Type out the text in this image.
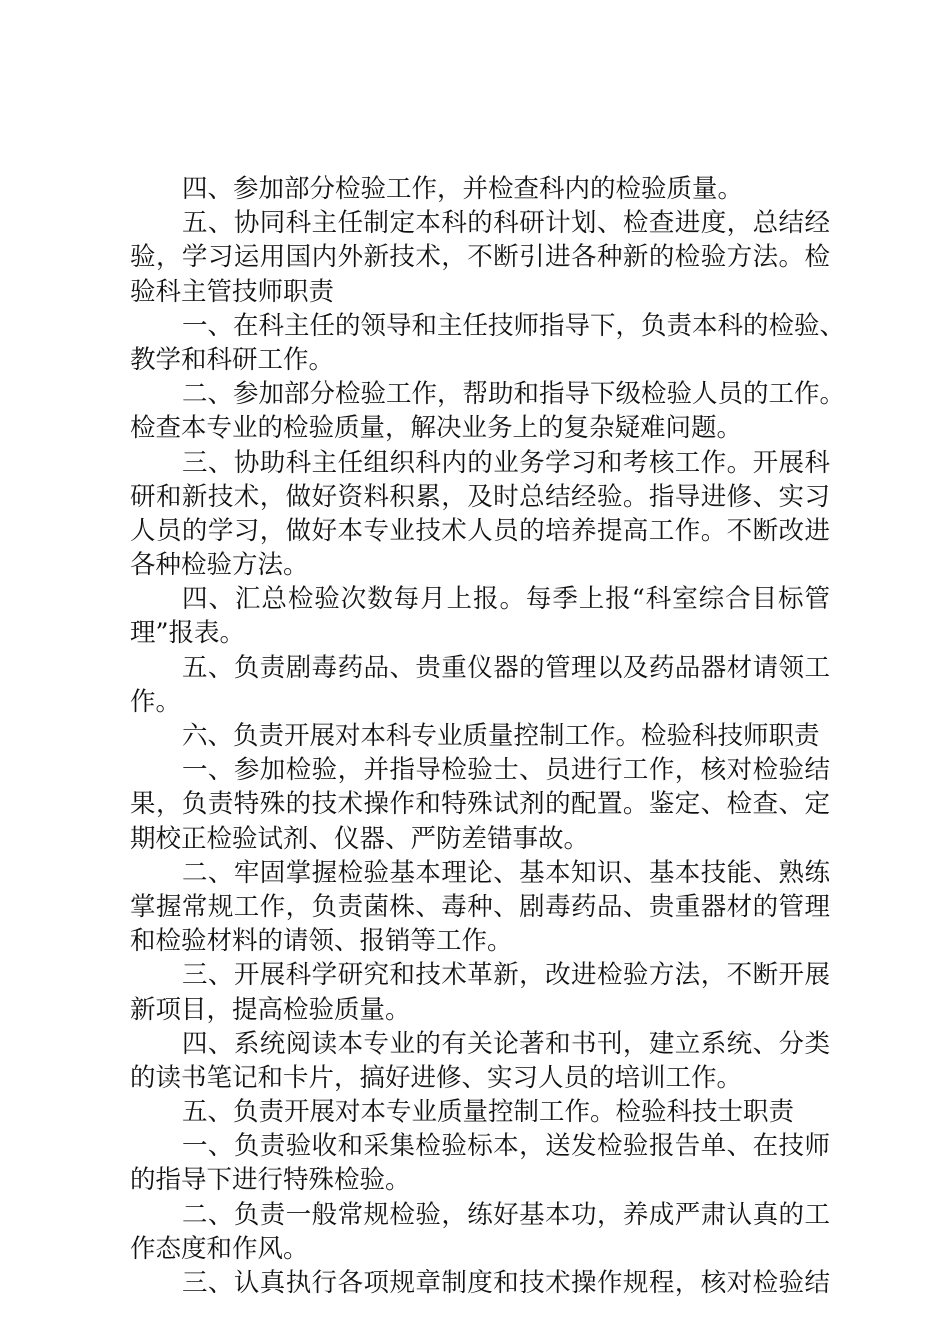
四、参加部分检验工作，并检查科内的检验质量。
五、协同科主任制定本科的科研计划、检查进度，总结经
验，学习运用国内外新技术，不断引进各种新的检验方法。检
验科主管技师职责
一、在科主任的领导和主任技师指导下，负责本科的检验、
教学和科研工作。
二、参加部分检验工作，帮助和指导下级检验人员的工作。
检查本专业的检验质量，解决业务上的复杂疑难问题。
三、协助科主任组织科内的业务学习和考核工作。开展科
研和新技术，做好资料积累，及时总结经验。指导进修、实习
人员的学习，做好本专业技术人员的培养提高工作。不断改进
各种检验方法。
四、汇总检验次数每月上报。每季上报“科室综合目标管
理”报表。
五、负责剧毒药品、贵重仪器的管理以及药品器材请领工
作。
六、负责开展对本科专业质量控制工作。检验科技师职责
一、参加检验，并指导检验士、员进行工作，核对检验结
果，负责特殊的技术操作和特殊试剂的配置。鉴定、检查、定
期校正检验试剂、仪器、严防差错事故。
二、牢固掌握检验基本理论、基本知识、基本技能、熟练
掌握常规工作，负责菌株、毒种、剧毒药品、贵重器材的管理
和检验材料的请领、报销等工作。
三、开展科学研究和技术革新，改进检验方法，不断开展
新项目，提高检验质量。
四、系统阅读本专业的有关论著和书刊，建立系统、分类
的读书笔记和卡片，搞好进修、实习人员的培训工作。
五、负责开展对本专业质量控制工作。检验科技士职责
一、负责验收和采集检验标本，送发检验报告单、在技师
的指导下进行特殊检验。
二、负责一般常规检验，练好基本功，养成严肃认真的工
作态度和作风。
三、认真执行各项规章制度和技术操作规程，核对检验结
